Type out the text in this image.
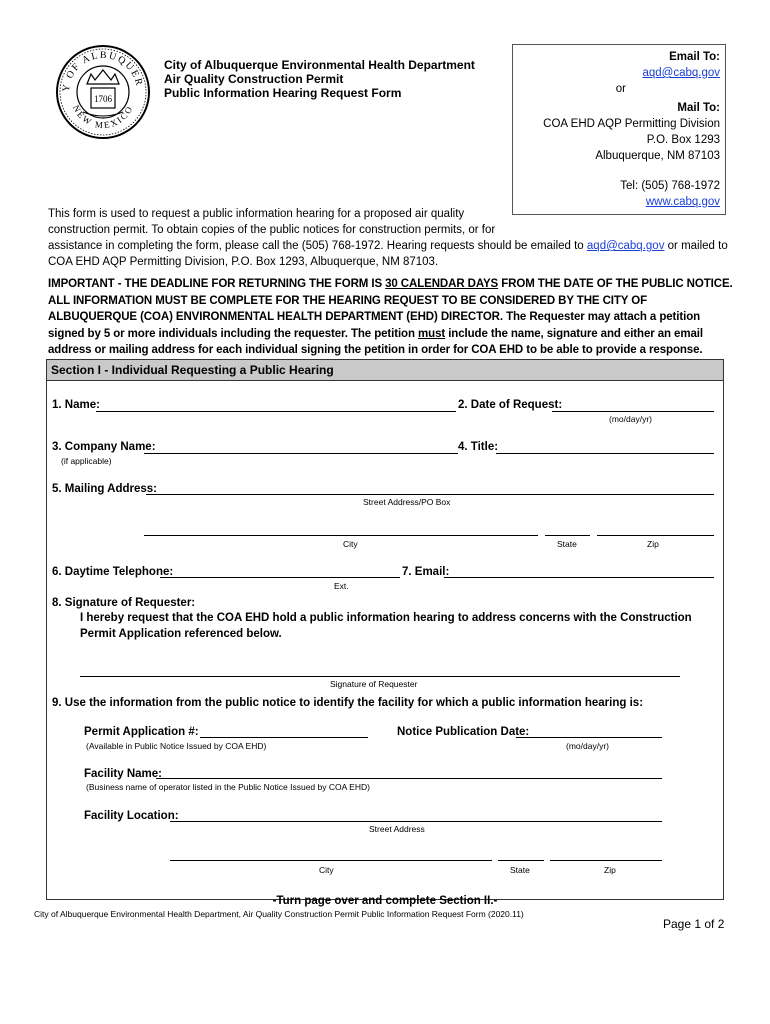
Y OF ALBUQUER
NEW MEXICO
1706
City of Albuquerque Environmental Health Department
Air Quality Construction Permit
Public Information Hearing Request Form
Email To:
aqd@cabq.gov
or
Mail To:
COA EHD AQP Permitting Division
P.O. Box 1293
Albuquerque, NM 87103
Tel: (505) 768-1972
www.cabq.gov
This form is used to request a public information hearing for a proposed air quality construction permit. To obtain copies of the public notices for construction permits, or for assistance in completing the form, please call the (505) 768-1972. Hearing requests should be emailed to aqd@cabq.gov or mailed to COA EHD AQP Permitting Division, P.O. Box 1293, Albuquerque, NM 87103.
IMPORTANT - THE DEADLINE FOR RETURNING THE FORM IS 30 CALENDAR DAYS FROM THE DATE OF THE PUBLIC NOTICE. ALL INFORMATION MUST BE COMPLETE FOR THE HEARING REQUEST TO BE CONSIDERED BY THE CITY OF ALBUQUERQUE (COA) ENVIRONMENTAL HEALTH DEPARTMENT (EHD) DIRECTOR. The Requester may attach a petition signed by 5 or more individuals including the requester. The petition must include the name, signature and either an email address or mailing address for each individual signing the petition in order for COA EHD to be able to provide a response.
Section I - Individual Requesting a Public Hearing
1. Name:	2. Date of Request:
(mo/day/yr)
3. Company Name:
(if applicable)
4. Title:
5. Mailing Address:
Street Address/PO Box
City	State	Zip
6. Daytime Telephone:
Ext.
7. Email:
8. Signature of Requester:
I hereby request that the COA EHD hold a public information hearing to address concerns with the Construction Permit Application referenced below.
Signature of Requester
9. Use the information from the public notice to identify the facility for which a public information hearing is:
Permit Application #:
(Available in Public Notice Issued by COA EHD)
Notice Publication Date:
(mo/day/yr)
Facility Name:
(Business name of operator listed in the Public Notice Issued by COA EHD)
Facility Location:
Street Address
City	State	Zip
-Turn page over and complete Section II.-
City of Albuquerque Environmental Health Department, Air Quality Construction Permit Public Information Request Form (2020.11)
Page 1 of 2
